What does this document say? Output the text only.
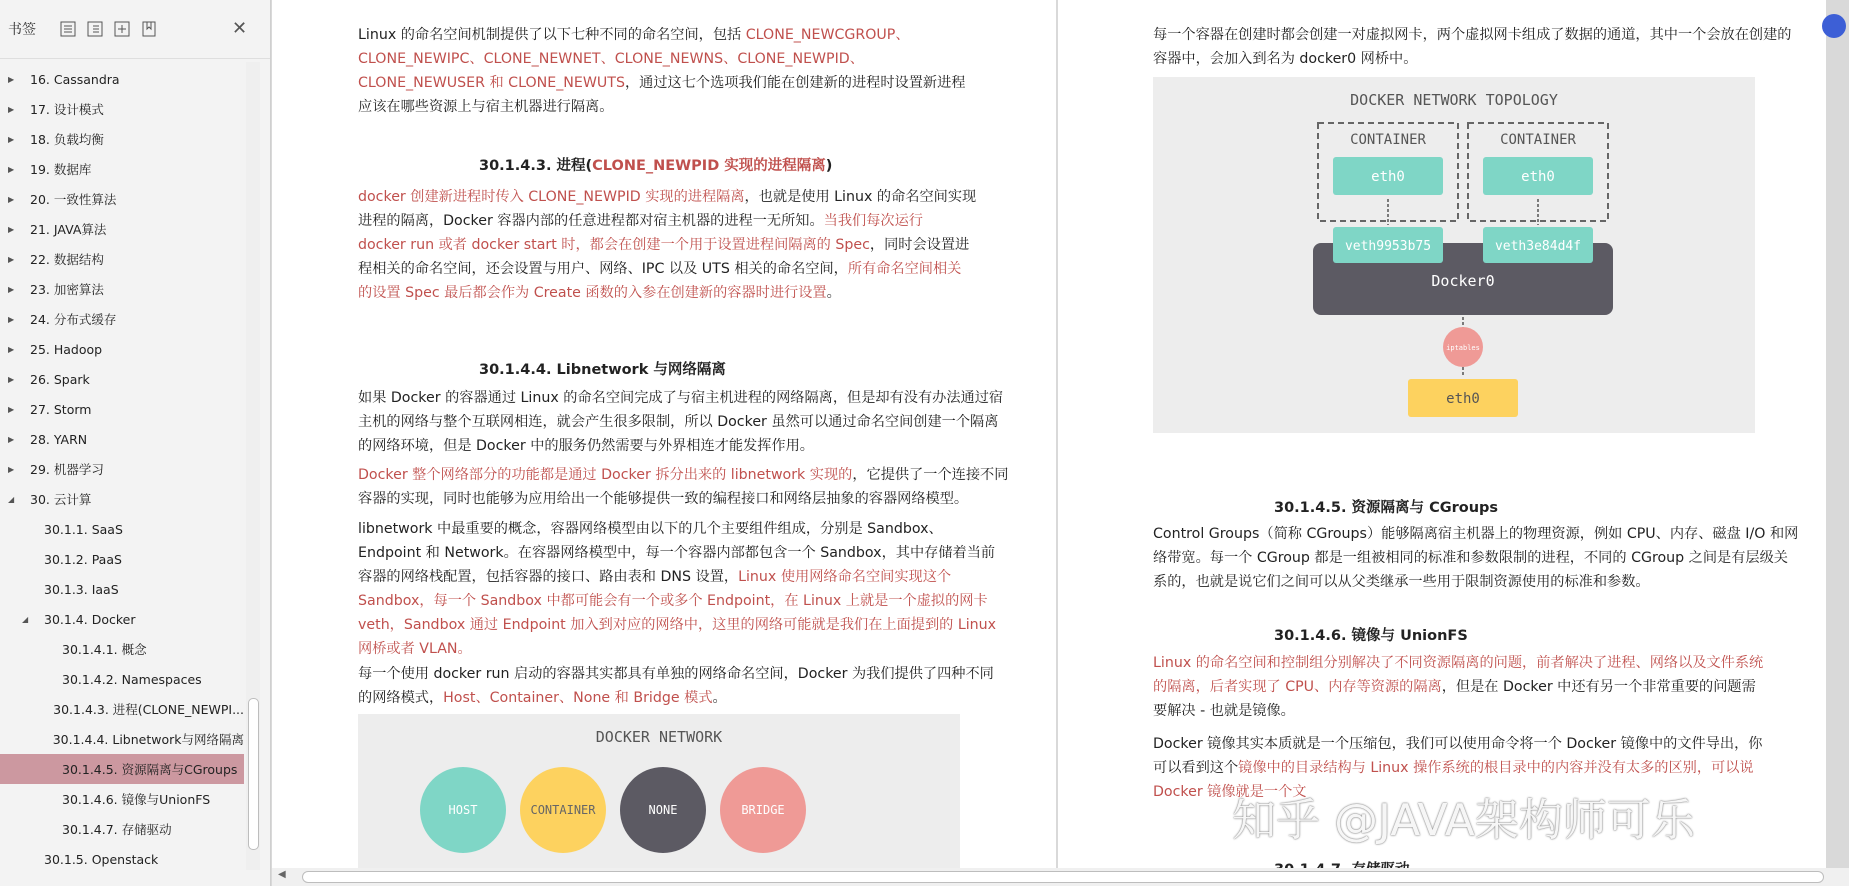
书签	✕
▶	16. Cassandra
▶	17. 设计模式
▶	18. 负载均衡
▶	19. 数据库
▶	20. 一致性算法
▶	21. JAVA算法
▶	22. 数据结构
▶	23. 加密算法
▶	24. 分布式缓存
▶	25. Hadoop
▶	26. Spark
▶	27. Storm
▶	28. YARN
▶	29. 机器学习
◢	30. 云计算
30.1.1. SaaS
30.1.2. PaaS
30.1.3. IaaS
◢	30.1.4. Docker
30.1.4.1. 概念
30.1.4.2. Namespaces
30.1.4.3. 进程(CLONE_NEWPI...
30.1.4.4. Libnetwork与网络隔离
30.1.4.5. 资源隔离与CGroups
30.1.4.6. 镜像与UnionFS
30.1.4.7. 存储驱动
30.1.5. Openstack
Linux 的命名空间机制提供了以下七种不同的命名空间，包括 CLONE_NEWCGROUP、
CLONE_NEWIPC、CLONE_NEWNET、CLONE_NEWNS、CLONE_NEWPID、
CLONE_NEWUSER 和 CLONE_NEWUTS，通过这七个选项我们能在创建新的进程时设置新进程
应该在哪些资源上与宿主机器进行隔离。
30.1.4.3. 进程(CLONE_NEWPID 实现的进程隔离)
docker 创建新进程时传入 CLONE_NEWPID 实现的进程隔离，也就是使用 Linux 的命名空间实现
进程的隔离，Docker 容器内部的任意进程都对宿主机器的进程一无所知。当我们每次运行
docker run 或者 docker start 时，都会在创建一个用于设置进程间隔离的 Spec，同时会设置进
程相关的命名空间，还会设置与用户、网络、IPC 以及 UTS 相关的命名空间，所有命名空间相关
的设置 Spec 最后都会作为 Create 函数的入参在创建新的容器时进行设置。
30.1.4.4. Libnetwork 与网络隔离
如果 Docker 的容器通过 Linux 的命名空间完成了与宿主机进程的网络隔离，但是却有没有办法通过宿
主机的网络与整个互联网相连，就会产生很多限制，所以 Docker 虽然可以通过命名空间创建一个隔离
的网络环境，但是 Docker 中的服务仍然需要与外界相连才能发挥作用。
Docker 整个网络部分的功能都是通过 Docker 拆分出来的 libnetwork 实现的，它提供了一个连接不同
容器的实现，同时也能够为应用给出一个能够提供一致的编程接口和网络层抽象的容器网络模型。
libnetwork 中最重要的概念，容器网络模型由以下的几个主要组件组成，分别是 Sandbox、
Endpoint 和 Network。在容器网络模型中，每一个容器内部都包含一个 Sandbox，其中存储着当前
容器的网络栈配置，包括容器的接口、路由表和 DNS 设置，Linux 使用网络命名空间实现这个
Sandbox，每一个 Sandbox 中都可能会有一个或多个 Endpoint，在 Linux 上就是一个虚拟的网卡
veth，Sandbox 通过 Endpoint 加入到对应的网络中，这里的网络可能就是我们在上面提到的 Linux
网桥或者 VLAN。
每一个使用 docker run 启动的容器其实都具有单独的网络命名空间，Docker 为我们提供了四种不同
的网络模式，Host、Container、None 和 Bridge 模式。
DOCKER NETWORK
HOST	CONTAINER	NONE	BRIDGE
每一个容器在创建时都会创建一对虚拟网卡，两个虚拟网卡组成了数据的通道，其中一个会放在创建的
容器中，会加入到名为 docker0 网桥中。
DOCKER NETWORK TOPOLOGY
CONTAINER	CONTAINER
eth0	eth0
veth9953b75	veth3e84d4f
Docker0
iptables
eth0
30.1.4.5. 资源隔离与 CGroups
Control Groups（简称 CGroups）能够隔离宿主机器上的物理资源，例如 CPU、内存、磁盘 I/O 和网
络带宽。每一个 CGroup 都是一组被相同的标准和参数限制的进程，不同的 CGroup 之间是有层级关
系的，也就是说它们之间可以从父类继承一些用于限制资源使用的标准和参数。
30.1.4.6. 镜像与 UnionFS
Linux 的命名空间和控制组分别解决了不同资源隔离的问题，前者解决了进程、网络以及文件系统
的隔离，后者实现了 CPU、内存等资源的隔离，但是在 Docker 中还有另一个非常重要的问题需
要解决 - 也就是镜像。
Docker 镜像其实本质就是一个压缩包，我们可以使用命令将一个 Docker 镜像中的文件导出，你
可以看到这个镜像中的目录结构与 Linux 操作系统的根目录中的内容并没有太多的区别，可以说
Docker 镜像就是一个文
◀
知乎 @JAVA架构师可乐
